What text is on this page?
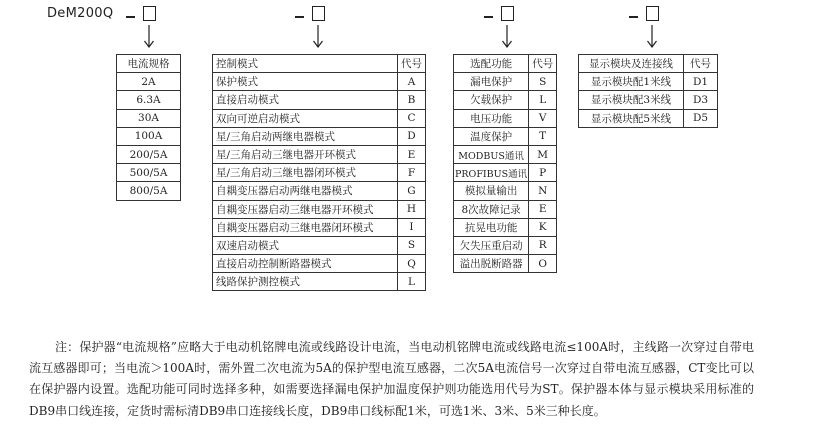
DeM200Q
电流规格
2A
6.3A
30A
100A
200/5A
500/5A
800/5A
控制模式	代号
保护模式	A
直接启动模式	B
双向可逆启动模式	C
星/三角启动两继电器模式	D
星/三角启动三继电器开环模式	E
星/三角启动三继电器闭环模式	F
自耦变压器启动两继电器模式	G
自耦变压器启动三继电器开环模式	H
自耦变压器启动三继电器闭环模式	I
双速启动模式	S
直接启动控制断路器模式	Q
线路保护测控模式	L
选配功能	代号
漏电保护	S
欠载保护	L
电压功能	V
温度保护	T
MODBUS通讯	M
PROFIBUS通讯	P
模拟量输出	N
8次故障记录	E
抗晃电功能	K
欠失压重启动	R
溢出脱断路器	O
显示模块及连接线	代号
显示模块配1米线	D1
显示模块配3米线	D3
显示模块配5米线	D5

注：保护器“电流规格”应略大于电动机铭牌电流或线路设计电流，当电动机铭牌电流或线路电流≤100A时，主线路一次穿过自带电流互感器即可；当电流＞100A时，需外置二次电流为5A的保护型电流互感器，二次5A电流信号一次穿过自带电流互感器，CT变比可以在保护器内设置。选配功能可同时选择多种，如需要选择漏电保护加温度保护则功能选用代号为ST。保护器本体与显示模块采用标准的DB9串口线连接，定货时需标清DB9串口连接线长度，DB9串口线标配1米，可选1米、3米、5米三种长度。
